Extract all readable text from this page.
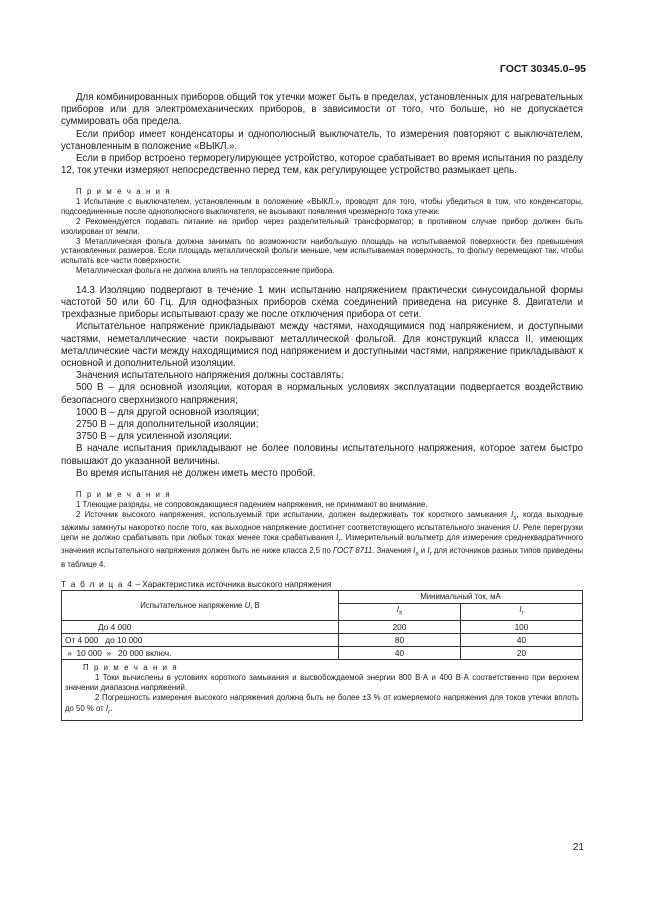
ГОСТ 30345.0–95

Для комбинированных приборов общий ток утечки может быть в пределах, установленных для нагревательных приборов или для электромеханических приборов, в зависимости от того, что больше, но не допускается суммировать оба предела.

Если прибор имеет конденсаторы и однополюсный выключатель, то измерения повторяют с выключателем, установленным в положение «ВЫКЛ.».

Если в прибор встроено терморегулирующее устройство, которое срабатывает во время испытания по разделу 12, ток утечки измеряют непосредственно перед тем, как регулирующее устройство размыкает цепь.

П р и м е ч а н и я

1 Испытание с выключателем, установленным в положение «ВЫКЛ.», проводят для того, чтобы убедиться в том, что конденсаторы, подсоединенные после однополюсного выключателя, не вызывают появления чрезмерного тока утечки.

2 Рекомендуется подавать питание на прибор через разделительный трансформатор; в противном случае прибор должен быть изолирован от земли.

3 Металлическая фольга должна занимать по возможности наибольшую площадь на испытываемой поверхности без превышения установленных размеров. Если площадь металлической фольги меньше, чем испытываемая поверхность, то фольгу перемещают так, чтобы испытать все части поверхности.

Металлическая фольга не должна влиять на теплорассеяние прибора.

14.3 Изоляцию подвергают в течение 1 мин испытанию напряжением практически синусоидальной формы частотой 50 или 60 Гц. Для однофазных приборов схема соединений приведена на рисунке 8. Двигатели и трехфазные приборы испытывают сразу же после отключения прибора от сети.

Испытательное напряжение прикладывают между частями, находящимися под напряжением, и доступными частями, неметаллические части покрывают металлической фольгой. Для конструкций класса II, имеющих металлические части между находящимися под напряжением и доступными частями, напряжение прикладывают к основной и дополнительной изоляции.

Значения испытательного напряжения должны составлять:

500 В – для основной изоляции, которая в нормальных условиях эксплуатации подвергается воздействию безопасного сверхнизкого напряжения;

1000 В – для другой основной изоляции;

2750 В – для дополнительной изоляции;

3750 В – для усиленной изоляции.

В начале испытания прикладывают не более половины испытательного напряжения, которое затем быстро повышают до указанной величины.

Во время испытания не должен иметь место пробой.

П р и м е ч а н и я

1 Тлеющие разряды, не сопровождающиеся падением напряжения, не принимают во внимание.

2 Источник высокого напряжения, используемый при испытании, должен выдерживать ток короткого замыкания $I_s$, когда выходные зажимы замкнуты накоротко после того, как выходное напряжение достигнет соответствующего испытательного значения U. Реле перегрузки цепи не должно срабатывать при любых токах менее тока срабатывания $I_r$. Измерительный вольтметр для измерения среднеквадратичного значения испытательного напряжения должен быть не ниже класса 2,5 по ГОСТ 8711. Значения $I_s$ и $I_r$ для источников разных типов приведены в таблице 4.

Т а б л и ц а 4 – Характеристика источника высокого напряжения

Испытательное напряжение U, В	Минимальный ток, мА	
	$I_s$	$I_r$
До 4 000	200	100
От 4 000   до 10 000	80	40
»  10 000  »   20 000 включ.	40	20

П р и м е ч а н и я

1 Токи вычислены в условиях короткого замыкания и высвобождаемой энергии 800 В·А и 400 В·А соответственно при верхнем значении диапазона напряжений.

2 Погрешность измерения высокого напряжения должна быть не более ±3 % от измеряемого напряжения для токов утечки вплоть до 50 % от $I_r$.		

21
